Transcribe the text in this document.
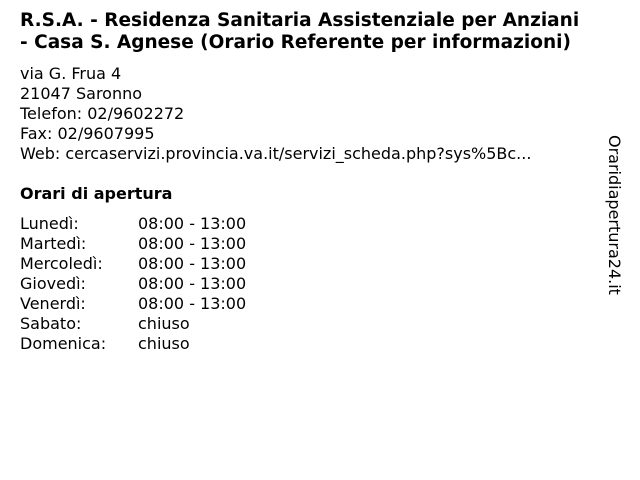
R.S.A. - Residenza Sanitaria Assistenziale per Anziani
- Casa S. Agnese (Orario Referente per informazioni)
via G. Frua 4
21047 Saronno
Telefon: 02/9602272
Fax: 02/9607995
Web: cercaservizi.provincia.va.it/servizi_scheda.php?sys%5Bc...
Orari di apertura
Lunedì:	08:00 - 13:00
Martedì:	08:00 - 13:00
Mercoledì:	08:00 - 13:00
Giovedì:	08:00 - 13:00
Venerdì:	08:00 - 13:00
Sabato:	chiuso
Domenica:	chiuso
Oraridiapertura24.it
